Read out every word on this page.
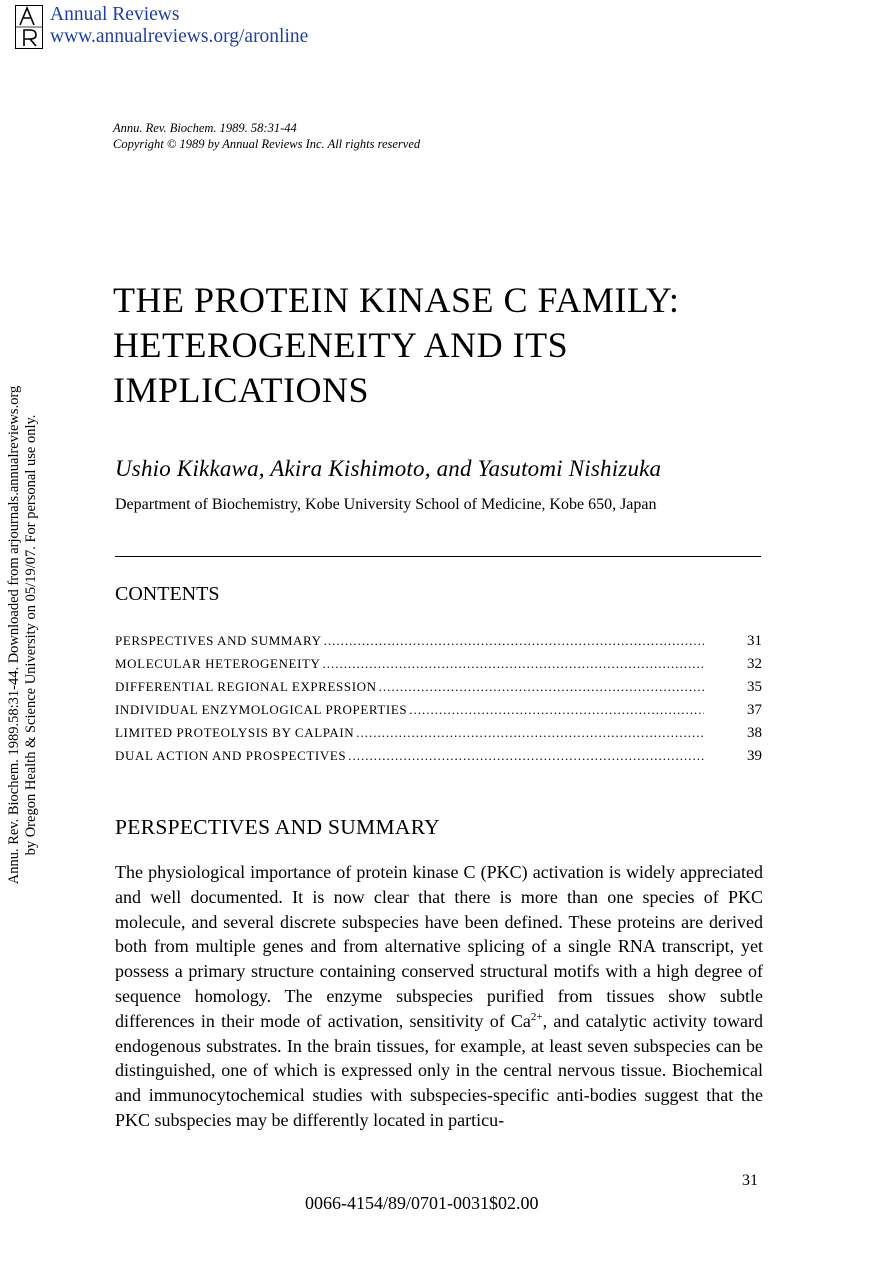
Annual Reviews
www.annualreviews.org/aronline
Annu. Rev. Biochem. 1989. 58:31-44
Copyright © 1989 by Annual Reviews Inc. All rights reserved
Annu. Rev. Biochem. 1989.58:31-44. Downloaded from arjournals.annualreviews.org by Oregon Health & Science University on 05/19/07. For personal use only.
THE PROTEIN KINASE C FAMILY:
HETEROGENEITY AND ITS
IMPLICATIONS
Ushio Kikkawa, Akira Kishimoto, and Yasutomi Nishizuka
Department of Biochemistry, Kobe University School of Medicine, Kobe 650, Japan
CONTENTS
PERSPECTIVES AND SUMMARY .....	31
MOLECULAR HETEROGENEITY .....	32
DIFFERENTIAL REGIONAL EXPRESSION .....	35
INDIVIDUAL ENZYMOLOGICAL PROPERTIES .....	37
LIMITED PROTEOLYSIS BY CALPAIN .....	38
DUAL ACTION AND PROSPECTIVES .....	39
PERSPECTIVES AND SUMMARY

The physiological importance of protein kinase C (PKC) activation is widely appreciated and well documented. It is now clear that there is more than one species of PKC molecule, and several discrete subspecies have been defined. These proteins are derived both from multiple genes and from alternative splicing of a single RNA transcript, yet possess a primary structure containing conserved structural motifs with a high degree of sequence homology. The enzyme subspecies purified from tissues show subtle differences in their mode of activation, sensitivity of $Ca^{2+}$, and catalytic activity toward endogenous substrates. In the brain tissues, for example, at least seven subspecies can be distinguished, one of which is expressed only in the central nervous tissue. Biochemical and immunocytochemical studies with subspecies-specific anti-bodies suggest that the PKC subspecies may be differently located in particu-

31
0066-4154/89/0701-0031$02.00
